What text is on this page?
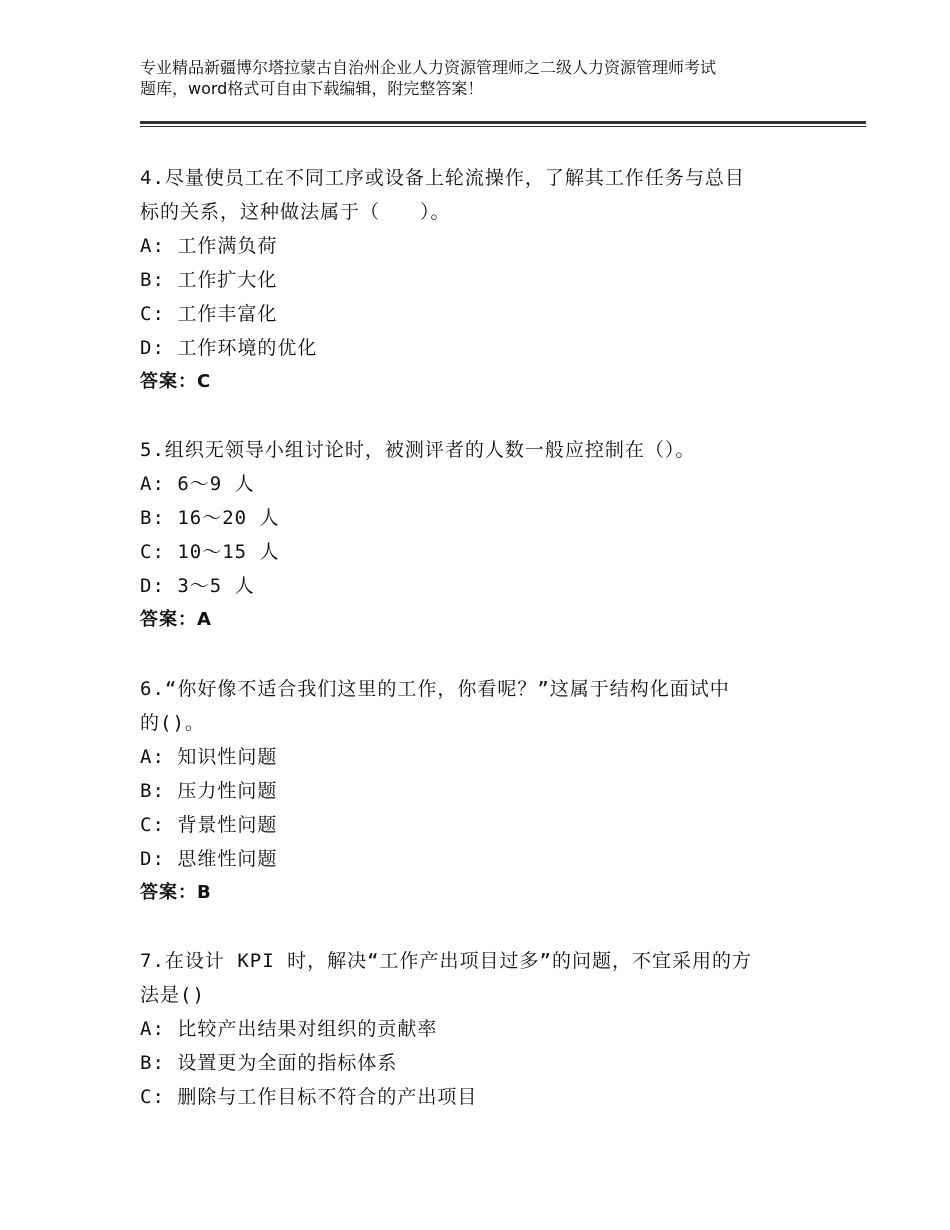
专业精品新疆博尔塔拉蒙古自治州企业人力资源管理师之二级人力资源管理师考试
题库，word格式可自由下载编辑，附完整答案！
4.尽量使员工在不同工序或设备上轮流操作，了解其工作任务与总目
标的关系，这种做法属于（　　）。
A: 工作满负荷
B: 工作扩大化
C: 工作丰富化
D: 工作环境的优化
答案：C
5.组织无领导小组讨论时，被测评者的人数一般应控制在（）。
A: 6～9 人
B: 16～20 人
C: 10～15 人
D: 3～5 人
答案：A
6.“你好像不适合我们这里的工作，你看呢？”这属于结构化面试中
的()。
A: 知识性问题
B: 压力性问题
C: 背景性问题
D: 思维性问题
答案：B
7.在设计 KPI 时，解决“工作产出项目过多”的问题，不宜采用的方
法是()
A: 比较产出结果对组织的贡献率
B: 设置更为全面的指标体系
C: 删除与工作目标不符合的产出项目
